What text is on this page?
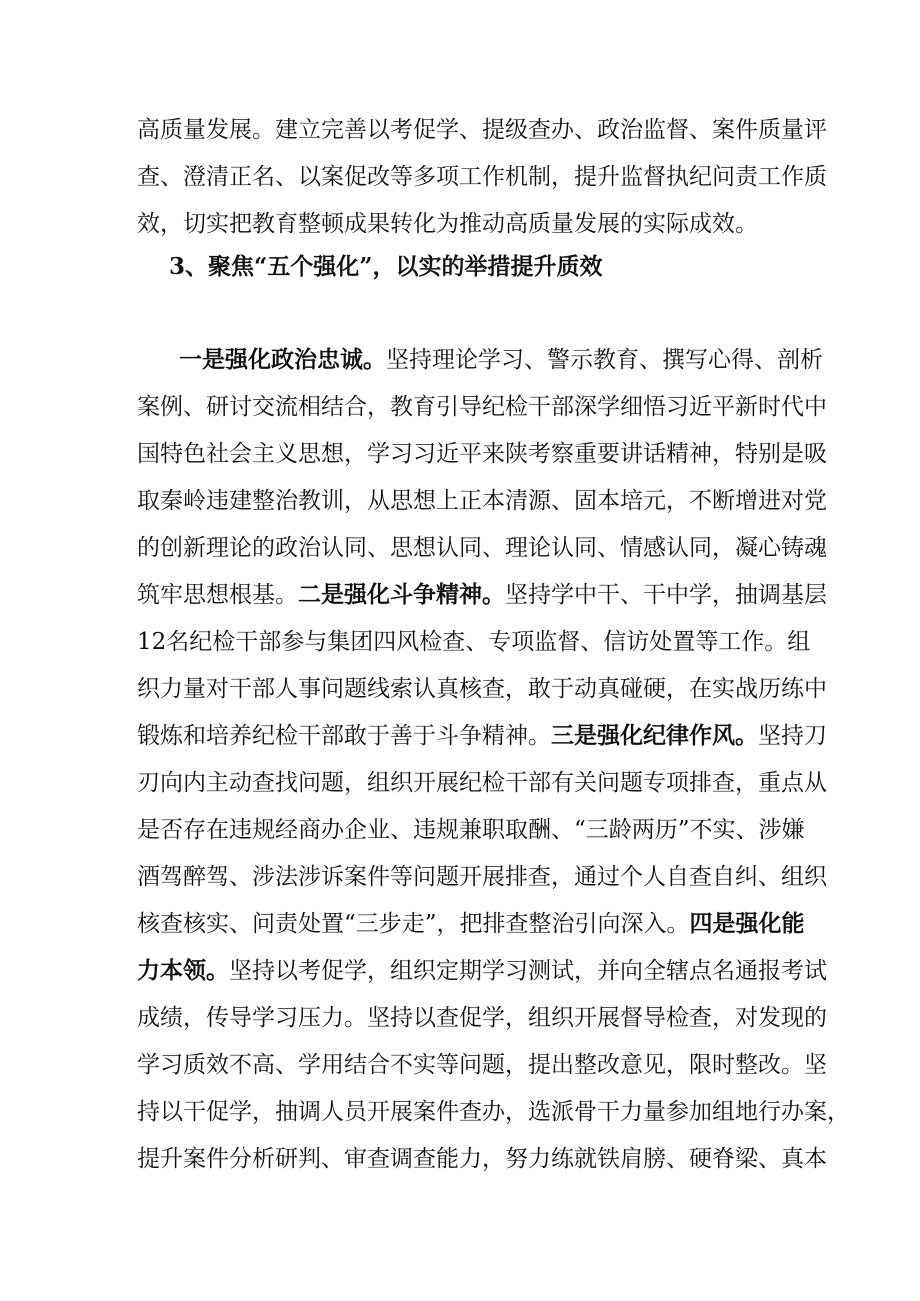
高质量发展。建立完善以考促学、提级查办、政治监督、案件质量评
查、澄清正名、以案促改等多项工作机制，提升监督执纪问责工作质
效，切实把教育整顿成果转化为推动高质量发展的实际成效。
3、聚焦“五个强化”，以实的举措提升质效
一是强化政治忠诚。坚持理论学习、警示教育、撰写心得、剖析
案例、研讨交流相结合，教育引导纪检干部深学细悟习近平新时代中
国特色社会主义思想，学习习近平来陕考察重要讲话精神，特别是吸
取秦岭违建整治教训，从思想上正本清源、固本培元，不断增进对党
的创新理论的政治认同、思想认同、理论认同、情感认同，凝心铸魂
筑牢思想根基。二是强化斗争精神。坚持学中干、干中学，抽调基层
12名纪检干部参与集团四风检查、专项监督、信访处置等工作。组
织力量对干部人事问题线索认真核查，敢于动真碰硬，在实战历练中
锻炼和培养纪检干部敢于善于斗争精神。三是强化纪律作风。坚持刀
刃向内主动查找问题，组织开展纪检干部有关问题专项排查，重点从
是否存在违规经商办企业、违规兼职取酬、“三龄两历”不实、涉嫌
酒驾醉驾、涉法涉诉案件等问题开展排查，通过个人自查自纠、组织
核查核实、问责处置“三步走”，把排查整治引向深入。四是强化能
力本领。坚持以考促学，组织定期学习测试，并向全辖点名通报考试
成绩，传导学习压力。坚持以查促学，组织开展督导检查，对发现的
学习质效不高、学用结合不实等问题，提出整改意见，限时整改。坚
持以干促学，抽调人员开展案件查办，选派骨干力量参加组地行办案，
提升案件分析研判、审查调查能力，努力练就铁肩膀、硬脊梁、真本
